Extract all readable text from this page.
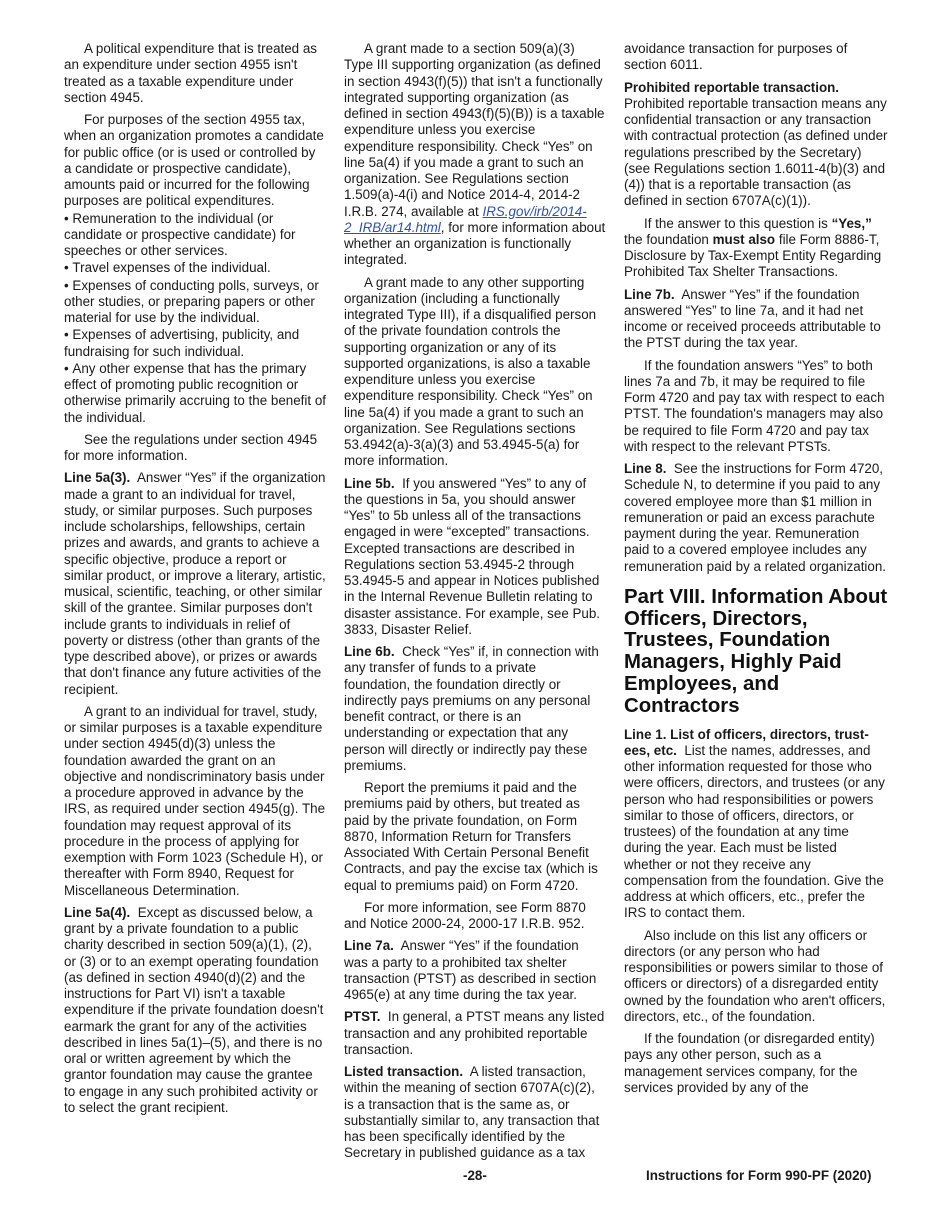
A political expenditure that is treated as an expenditure under section 4955 isn't treated as a taxable expenditure under section 4945.

For purposes of the section 4955 tax, when an organization promotes a candidate for public office (or is used or controlled by a candidate or prospective candidate), amounts paid or incurred for the following purposes are political expenditures.

• Remuneration to the individual (or candidate or prospective candidate) for speeches or other services.

• Travel expenses of the individual.

• Expenses of conducting polls, surveys, or other studies, or preparing papers or other material for use by the individual.

• Expenses of advertising, publicity, and fundraising for such individual.

• Any other expense that has the primary effect of promoting public recognition or otherwise primarily accruing to the benefit of the individual.

See the regulations under section 4945 for more information.

Line 5a(3). Answer “Yes” if the organization made a grant to an individual for travel, study, or similar purposes. Such purposes include scholarships, fellowships, certain prizes and awards, and grants to achieve a specific objective, produce a report or similar product, or improve a literary, artistic, musical, scientific, teaching, or other similar skill of the grantee. Similar purposes don't include grants to individuals in relief of poverty or distress (other than grants of the type described above), or prizes or awards that don't finance any future activities of the recipient.

A grant to an individual for travel, study, or similar purposes is a taxable expenditure under section 4945(d)(3) unless the foundation awarded the grant on an objective and nondiscriminatory basis under a procedure approved in advance by the IRS, as required under section 4945(g). The foundation may request approval of its procedure in the process of applying for exemption with Form 1023 (Schedule H), or thereafter with Form 8940, Request for Miscellaneous Determination.

Line 5a(4). Except as discussed below, a grant by a private foundation to a public charity described in section 509(a)(1), (2), or (3) or to an exempt operating foundation (as defined in section 4940(d)(2) and the instructions for Part VI) isn't a taxable expenditure if the private foundation doesn't earmark the grant for any of the activities described in lines 5a(1)–(5), and there is no oral or written agreement by which the grantor foundation may cause the grantee to engage in any such prohibited activity or to select the grant recipient.

A grant made to a section 509(a)(3) Type III supporting organization (as defined in section 4943(f)(5)) that isn't a functionally integrated supporting organization (as defined in section 4943(f)(5)(B)) is a taxable expenditure unless you exercise expenditure responsibility. Check “Yes” on line 5a(4) if you made a grant to such an organization. See Regulations section 1.509(a)-4(i) and Notice 2014-4, 2014-2 I.R.B. 274, available at IRS.gov/irb/2014-2_IRB/ar14.html, for more information about whether an organization is functionally integrated.

A grant made to any other supporting organization (including a functionally integrated Type III), if a disqualified person of the private foundation controls the supporting organization or any of its supported organizations, is also a taxable expenditure unless you exercise expenditure responsibility. Check “Yes” on line 5a(4) if you made a grant to such an organization. See Regulations sections 53.4942(a)-3(a)(3) and 53.4945-5(a) for more information.

Line 5b. If you answered “Yes” to any of the questions in 5a, you should answer “Yes” to 5b unless all of the transactions engaged in were “excepted” transactions. Excepted transactions are described in Regulations section 53.4945-2 through 53.4945-5 and appear in Notices published in the Internal Revenue Bulletin relating to disaster assistance. For example, see Pub. 3833, Disaster Relief.

Line 6b. Check “Yes” if, in connection with any transfer of funds to a private foundation, the foundation directly or indirectly pays premiums on any personal benefit contract, or there is an understanding or expectation that any person will directly or indirectly pay these premiums.

Report the premiums it paid and the premiums paid by others, but treated as paid by the private foundation, on Form 8870, Information Return for Transfers Associated With Certain Personal Benefit Contracts, and pay the excise tax (which is equal to premiums paid) on Form 4720.

For more information, see Form 8870 and Notice 2000-24, 2000-17 I.R.B. 952.

Line 7a. Answer “Yes” if the foundation was a party to a prohibited tax shelter transaction (PTST) as described in section 4965(e) at any time during the tax year.

PTST. In general, a PTST means any listed transaction and any prohibited reportable transaction.

Listed transaction. A listed transaction, within the meaning of section 6707A(c)(2), is a transaction that is the same as, or substantially similar to, any transaction that has been specifically identified by the Secretary in published guidance as a tax

avoidance transaction for purposes of section 6011.

Prohibited reportable transaction.
Prohibited reportable transaction means any confidential transaction or any transaction with contractual protection (as defined under regulations prescribed by the Secretary) (see Regulations section 1.6011-4(b)(3) and (4)) that is a reportable transaction (as defined in section 6707A(c)(1)).

If the answer to this question is “Yes,” the foundation must also file Form 8886-T, Disclosure by Tax-Exempt Entity Regarding Prohibited Tax Shelter Transactions.

Line 7b. Answer “Yes” if the foundation answered “Yes” to line 7a, and it had net income or received proceeds attributable to the PTST during the tax year.

If the foundation answers “Yes” to both lines 7a and 7b, it may be required to file Form 4720 and pay tax with respect to each PTST. The foundation's managers may also be required to file Form 4720 and pay tax with respect to the relevant PTSTs.

Line 8. See the instructions for Form 4720, Schedule N, to determine if you paid to any covered employee more than $1 million in remuneration or paid an excess parachute payment during the year. Remuneration paid to a covered employee includes any remuneration paid by a related organization.

Part VIII. Information About Officers, Directors, Trustees, Foundation Managers, Highly Paid Employees, and Contractors

Line 1. List of officers, directors, trustees, etc. List the names, addresses, and other information requested for those who were officers, directors, and trustees (or any person who had responsibilities or powers similar to those of officers, directors, or trustees) of the foundation at any time during the year. Each must be listed whether or not they receive any compensation from the foundation. Give the address at which officers, etc., prefer the IRS to contact them.

Also include on this list any officers or directors (or any person who had responsibilities or powers similar to those of officers or directors) of a disregarded entity owned by the foundation who aren't officers, directors, etc., of the foundation.

If the foundation (or disregarded entity) pays any other person, such as a management services company, for the services provided by any of the

-28-	Instructions for Form 990-PF (2020)
